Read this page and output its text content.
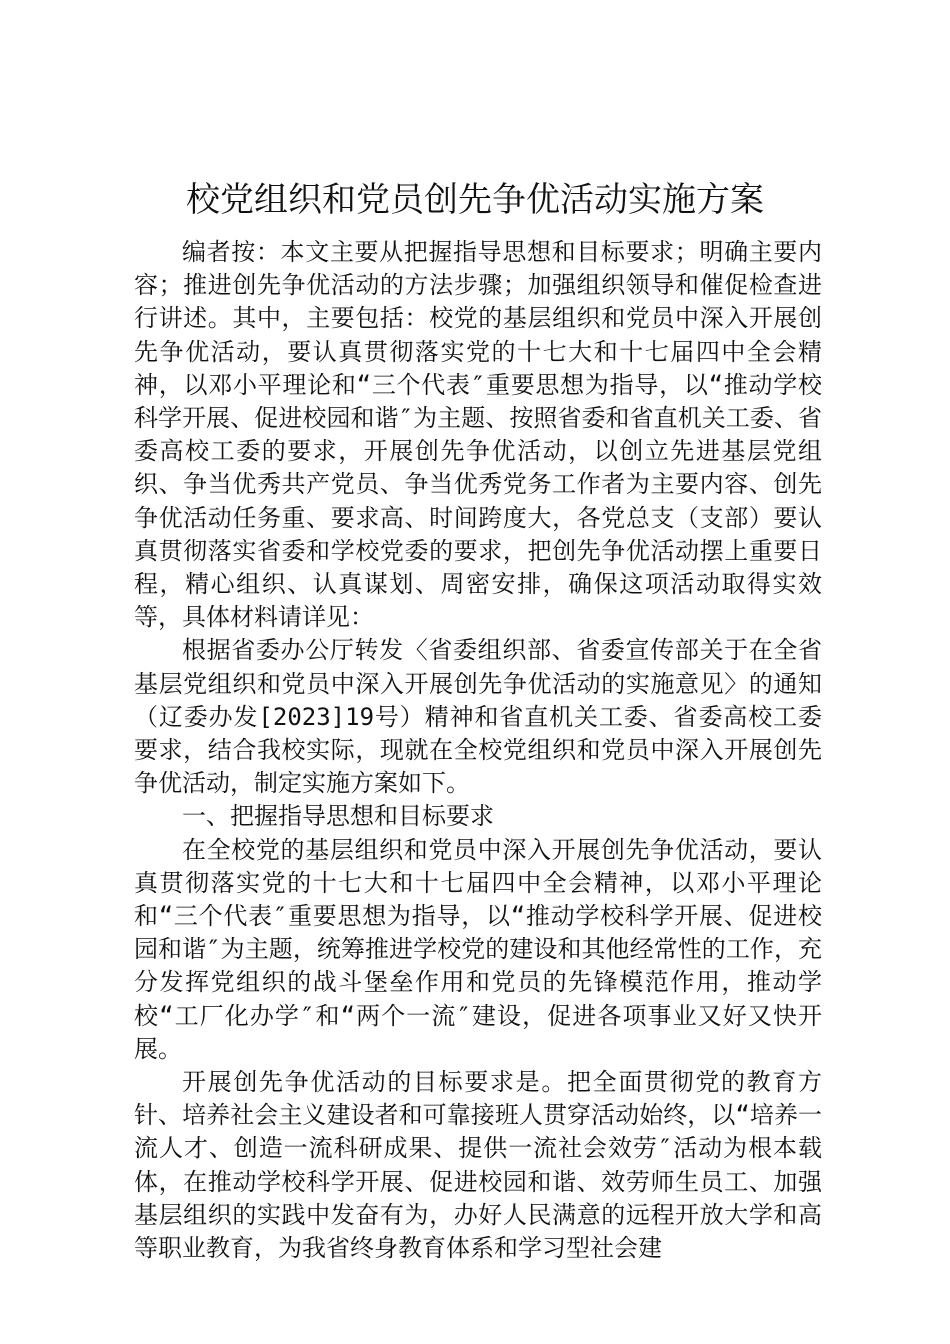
校党组织和党员创先争优活动实施方案

编者按：本文主要从把握指导思想和目标要求；明确主要内容；推进创先争优活动的方法步骤；加强组织领导和催促检查进行讲述。其中，主要包括：校党的基层组织和党员中深入开展创先争优活动，要认真贯彻落实党的十七大和十七届四中全会精神，以邓小平理论和“三个代表″重要思想为指导，以“推动学校科学开展、促进校园和谐″为主题、按照省委和省直机关工委、省委高校工委的要求，开展创先争优活动，以创立先进基层党组织、争当优秀共产党员、争当优秀党务工作者为主要内容、创先争优活动任务重、要求高、时间跨度大，各党总支（支部）要认真贯彻落实省委和学校党委的要求，把创先争优活动摆上重要日程，精心组织、认真谋划、周密安排，确保这项活动取得实效等，具体材料请详见：

根据省委办公厅转发〈省委组织部、省委宣传部关于在全省基层党组织和党员中深入开展创先争优活动的实施意见〉的通知（辽委办发[2023]19号）精神和省直机关工委、省委高校工委要求，结合我校实际，现就在全校党组织和党员中深入开展创先争优活动，制定实施方案如下。

一、把握指导思想和目标要求

在全校党的基层组织和党员中深入开展创先争优活动，要认真贯彻落实党的十七大和十七届四中全会精神，以邓小平理论和“三个代表″重要思想为指导，以“推动学校科学开展、促进校园和谐″为主题，统筹推进学校党的建设和其他经常性的工作，充分发挥党组织的战斗堡垒作用和党员的先锋模范作用，推动学校“工厂化办学″和“两个一流″建设，促进各项事业又好又快开展。

开展创先争优活动的目标要求是。把全面贯彻党的教育方针、培养社会主义建设者和可靠接班人贯穿活动始终，以“培养一流人才、创造一流科研成果、提供一流社会效劳″活动为根本载体，在推动学校科学开展、促进校园和谐、效劳师生员工、加强基层组织的实践中发奋有为，办好人民满意的远程开放大学和高等职业教育，为我省终身教育体系和学习型社会建
